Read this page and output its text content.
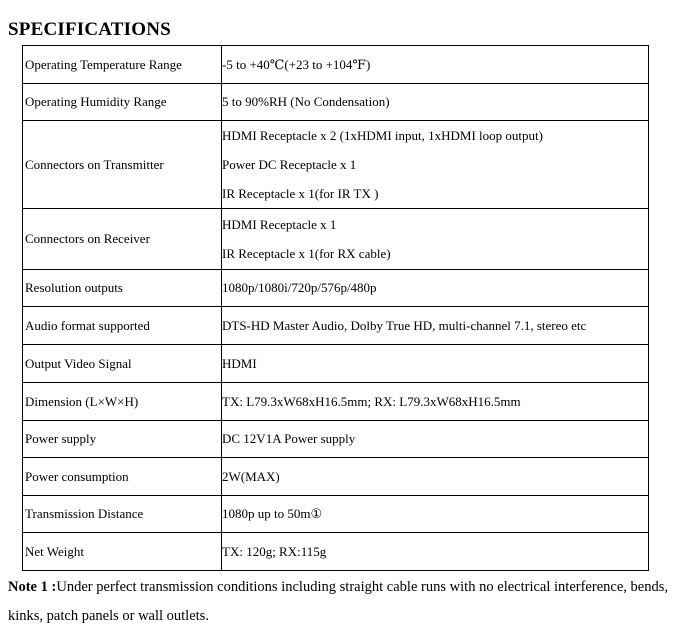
SPECIFICATIONS
Operating Temperature Range	-5 to +40℃(+23 to +104℉)

Operating Humidity Range	5 to 90%RH (No Condensation)

Connectors on Transmitter	HDMI Receptacle x 2 (1xHDMI input, 1xHDMI loop output)
Power DC Receptacle x 1
IR Receptacle x 1(for IR TX )

Connectors on Receiver	HDMI Receptacle x 1
IR Receptacle x 1(for RX cable)

Resolution outputs	1080p/1080i/720p/576p/480p

Audio format supported	DTS-HD Master Audio, Dolby True HD, multi-channel 7.1, stereo etc

Output Video Signal	HDMI

Dimension (L×W×H)	TX: L79.3xW68xH16.5mm; RX: L79.3xW68xH16.5mm

Power supply	DC 12V1A Power supply

Power consumption	2W(MAX)

Transmission Distance	1080p up to 50m①

Net Weight	TX: 120g; RX:115g

Note 1 :Under perfect transmission conditions including straight cable runs with no electrical interference, bends, kinks, patch panels or wall outlets.
